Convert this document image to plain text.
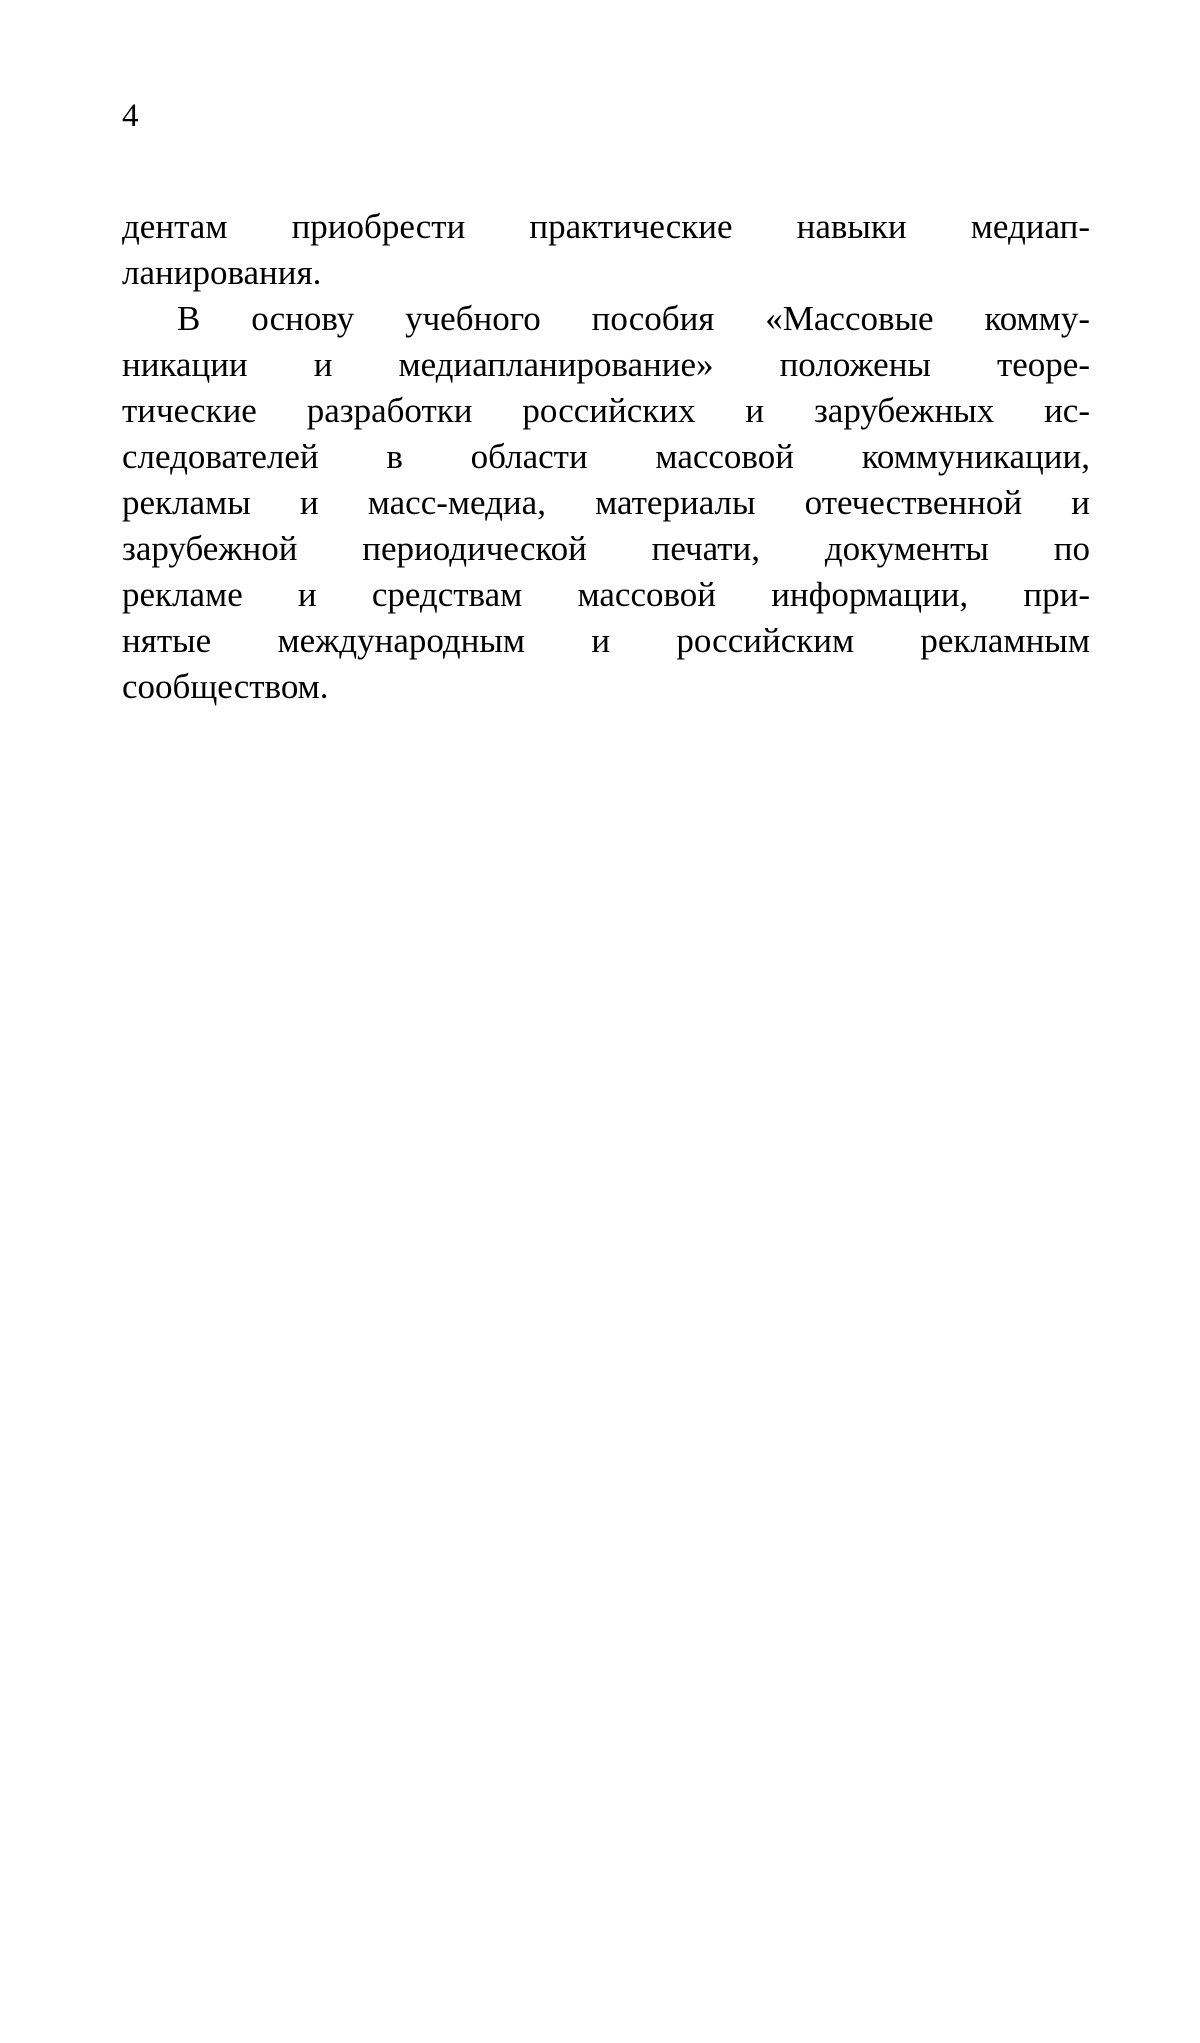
4
дентам приобрести практические навыки медиап-
ланирования.
В основу учебного пособия «Массовые комму-
никации и медиапланирование» положены теоре-
тические разработки российских и зарубежных ис-
следователей в области массовой коммуникации,
рекламы и масс-медиа, материалы отечественной и
зарубежной периодической печати, документы по
рекламе и средствам массовой информации, при-
нятые международным и российским рекламным
сообществом.
